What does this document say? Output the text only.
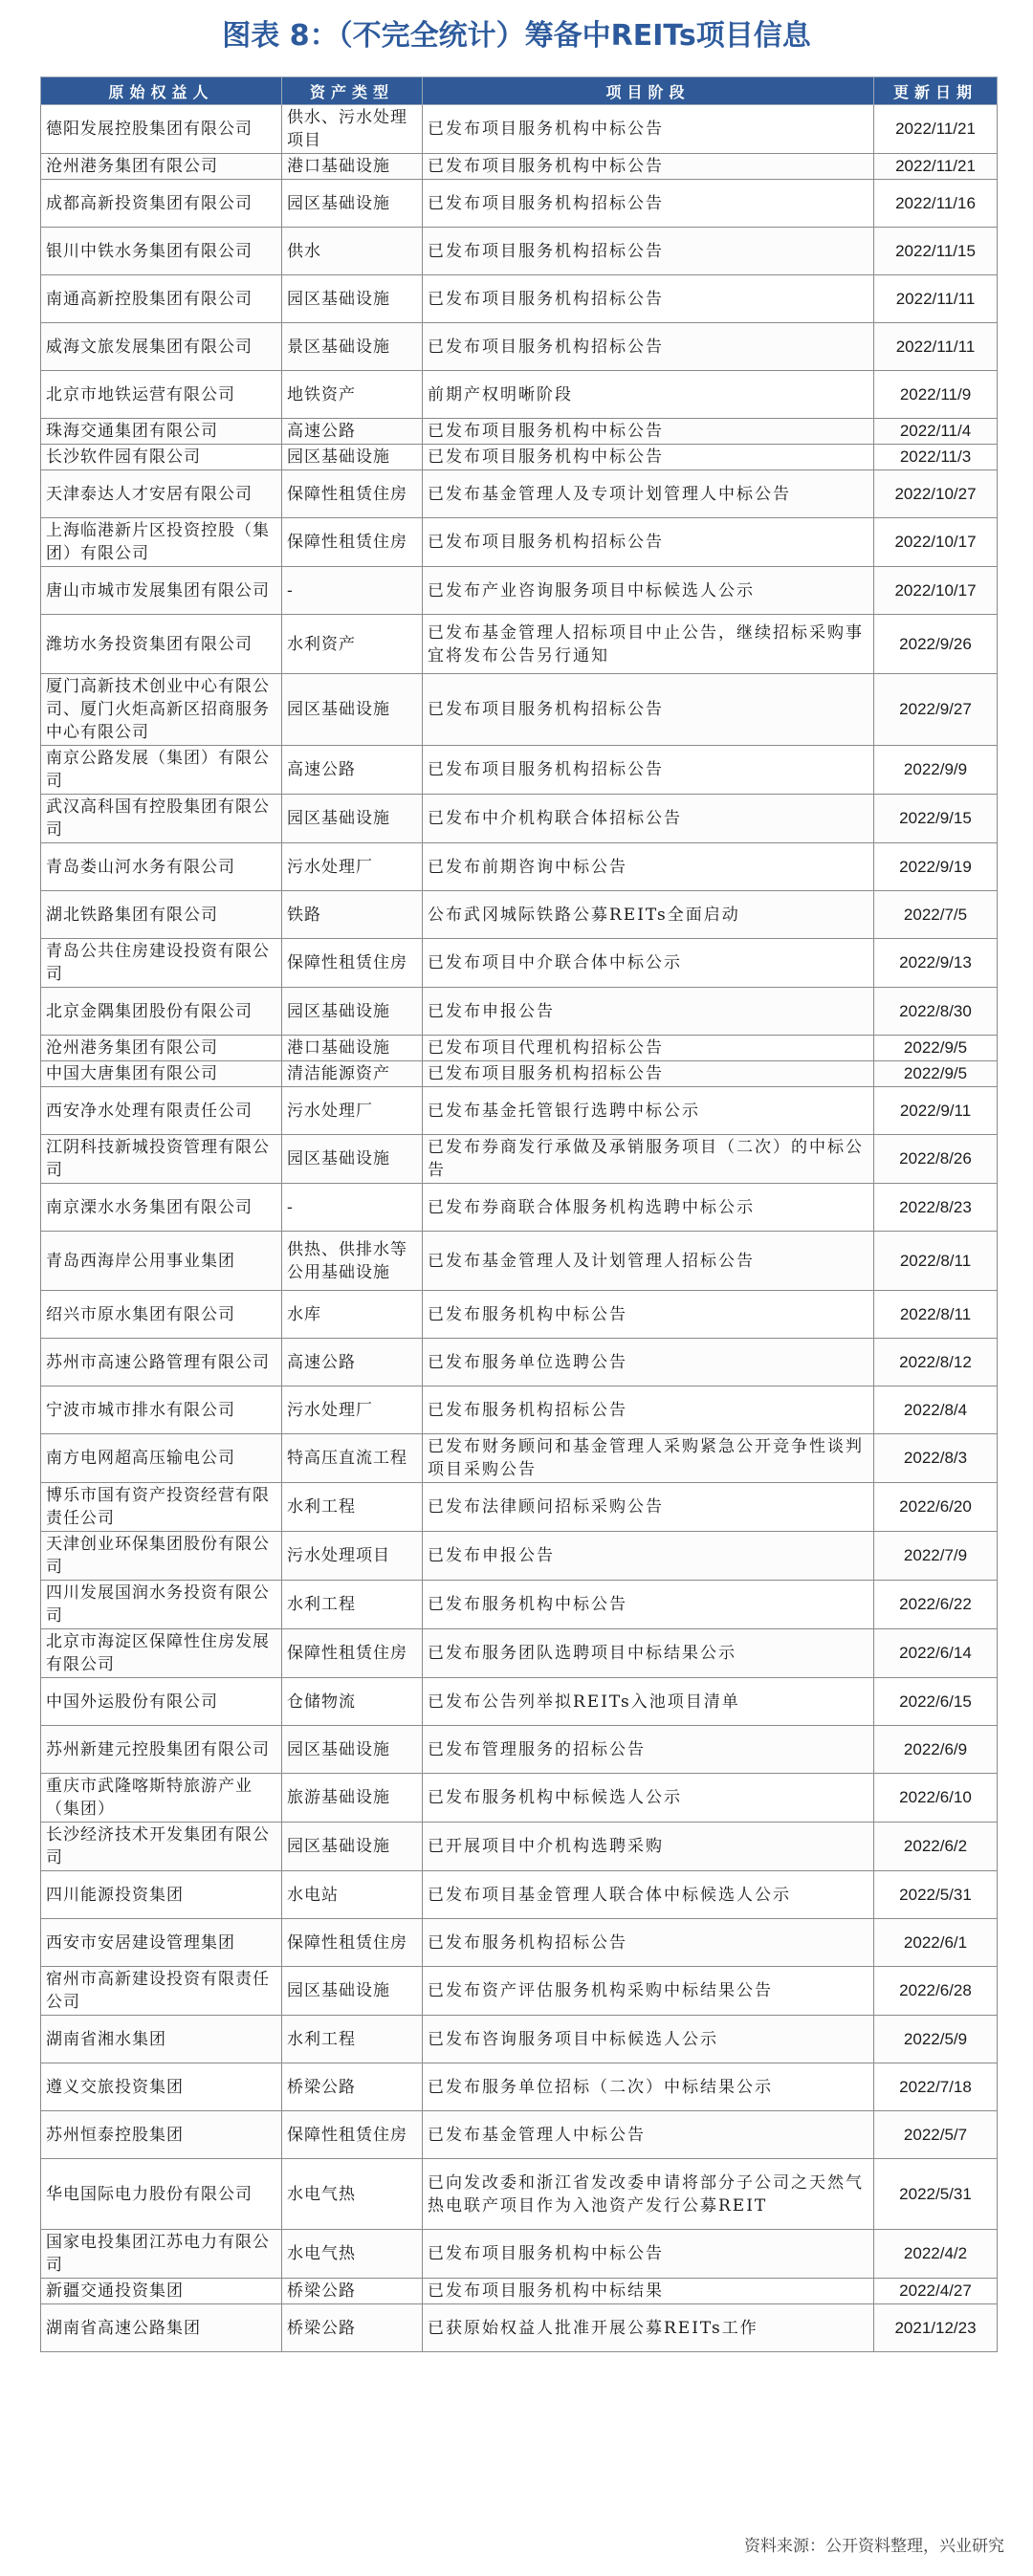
图表 8：（不完全统计）筹备中REITs项目信息
原始权益人	资产类型	项目阶段	更新日期
德阳发展控股集团有限公司	供水、污水处理项目	已发布项目服务机构中标公告	2022/11/21
沧州港务集团有限公司	港口基础设施	已发布项目服务机构中标公告	2022/11/21
成都高新投资集团有限公司	园区基础设施	已发布项目服务机构招标公告	2022/11/16
银川中铁水务集团有限公司	供水	已发布项目服务机构招标公告	2022/11/15
南通高新控股集团有限公司	园区基础设施	已发布项目服务机构招标公告	2022/11/11
威海文旅发展集团有限公司	景区基础设施	已发布项目服务机构招标公告	2022/11/11
北京市地铁运营有限公司	地铁资产	前期产权明晰阶段	2022/11/9
珠海交通集团有限公司	高速公路	已发布项目服务机构中标公告	2022/11/4
长沙软件园有限公司	园区基础设施	已发布项目服务机构中标公告	2022/11/3
天津泰达人才安居有限公司	保障性租赁住房	已发布基金管理人及专项计划管理人中标公告	2022/10/27
上海临港新片区投资控股（集团）有限公司	保障性租赁住房	已发布项目服务机构招标公告	2022/10/17
唐山市城市发展集团有限公司	-	已发布产业咨询服务项目中标候选人公示	2022/10/17
潍坊水务投资集团有限公司	水利资产	已发布基金管理人招标项目中止公告，继续招标采购事宜将发布公告另行通知	2022/9/26
厦门高新技术创业中心有限公司、厦门火炬高新区招商服务中心有限公司	园区基础设施	已发布项目服务机构招标公告	2022/9/27
南京公路发展（集团）有限公司	高速公路	已发布项目服务机构招标公告	2022/9/9
武汉高科国有控股集团有限公司	园区基础设施	已发布中介机构联合体招标公告	2022/9/15
青岛娄山河水务有限公司	污水处理厂	已发布前期咨询中标公告	2022/9/19
湖北铁路集团有限公司	铁路	公布武冈城际铁路公募REITs全面启动	2022/7/5
青岛公共住房建设投资有限公司	保障性租赁住房	已发布项目中介联合体中标公示	2022/9/13
北京金隅集团股份有限公司	园区基础设施	已发布申报公告	2022/8/30
沧州港务集团有限公司	港口基础设施	已发布项目代理机构招标公告	2022/9/5
中国大唐集团有限公司	清洁能源资产	已发布项目服务机构招标公告	2022/9/5
西安净水处理有限责任公司	污水处理厂	已发布基金托管银行选聘中标公示	2022/9/11
江阴科技新城投资管理有限公司	园区基础设施	已发布券商发行承做及承销服务项目（二次）的中标公告	2022/8/26
南京溧水水务集团有限公司	-	已发布券商联合体服务机构选聘中标公示	2022/8/23
青岛西海岸公用事业集团	供热、供排水等公用基础设施	已发布基金管理人及计划管理人招标公告	2022/8/11
绍兴市原水集团有限公司	水库	已发布服务机构中标公告	2022/8/11
苏州市高速公路管理有限公司	高速公路	已发布服务单位选聘公告	2022/8/12
宁波市城市排水有限公司	污水处理厂	已发布服务机构招标公告	2022/8/4
南方电网超高压输电公司	特高压直流工程	已发布财务顾问和基金管理人采购紧急公开竞争性谈判项目采购公告	2022/8/3
博乐市国有资产投资经营有限责任公司	水利工程	已发布法律顾问招标采购公告	2022/6/20
天津创业环保集团股份有限公司	污水处理项目	已发布申报公告	2022/7/9
四川发展国润水务投资有限公司	水利工程	已发布服务机构中标公告	2022/6/22
北京市海淀区保障性住房发展有限公司	保障性租赁住房	已发布服务团队选聘项目中标结果公示	2022/6/14
中国外运股份有限公司	仓储物流	已发布公告列举拟REITs入池项目清单	2022/6/15
苏州新建元控股集团有限公司	园区基础设施	已发布管理服务的招标公告	2022/6/9
重庆市武隆喀斯特旅游产业（集团）	旅游基础设施	已发布服务机构中标候选人公示	2022/6/10
长沙经济技术开发集团有限公司	园区基础设施	已开展项目中介机构选聘采购	2022/6/2
四川能源投资集团	水电站	已发布项目基金管理人联合体中标候选人公示	2022/5/31
西安市安居建设管理集团	保障性租赁住房	已发布服务机构招标公告	2022/6/1
宿州市高新建设投资有限责任公司	园区基础设施	已发布资产评估服务机构采购中标结果公告	2022/6/28
湖南省湘水集团	水利工程	已发布咨询服务项目中标候选人公示	2022/5/9
遵义交旅投资集团	桥梁公路	已发布服务单位招标（二次）中标结果公示	2022/7/18
苏州恒泰控股集团	保障性租赁住房	已发布基金管理人中标公告	2022/5/7
华电国际电力股份有限公司	水电气热	已向发改委和浙江省发改委申请将部分子公司之天然气热电联产项目作为入池资产发行公募REIT	2022/5/31
国家电投集团江苏电力有限公司	水电气热	已发布项目服务机构中标公告	2022/4/2
新疆交通投资集团	桥梁公路	已发布项目服务机构中标结果	2022/4/27
湖南省高速公路集团	桥梁公路	已获原始权益人批准开展公募REITs工作	2021/12/23
资料来源：公开资料整理，兴业研究
